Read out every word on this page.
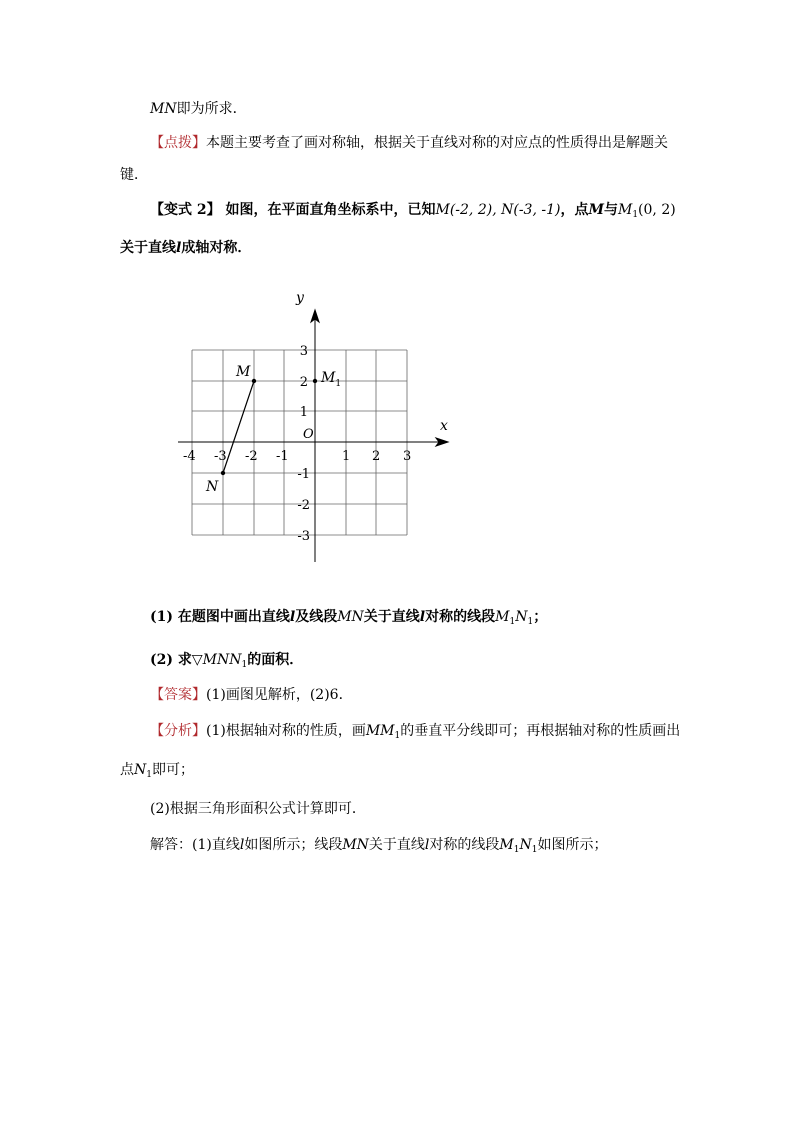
MN即为所求．
【点拨】本题主要考查了画对称轴，根据关于直线对称的对应点的性质得出是解题关
键．
【变式 2】 如图，在平面直角坐标系中，已知M(-2, 2), N(-3, -1)，点M与$M_1(0$, 2)
关于直线l成轴对称．
x
y
O
-4 -3 -2 -1	1 2 3
3
2
1
-1
-2
-3
M
N
$M_1$
(1) 在题图中画出直线l及线段MN关于直线l对称的线段$M_1N_1$；
(2) 求$▽MNN_1$的面积．
【答案】(1)画图见解析，(2)6．
【分析】(1)根据轴对称的性质，画$MM_1$的垂直平分线即可；再根据轴对称的性质画出
点$N_1$即可；
(2)根据三角形面积公式计算即可．
解答：(1)直线l如图所示；线段MN关于直线l对称的线段$M_1N_1$如图所示；
